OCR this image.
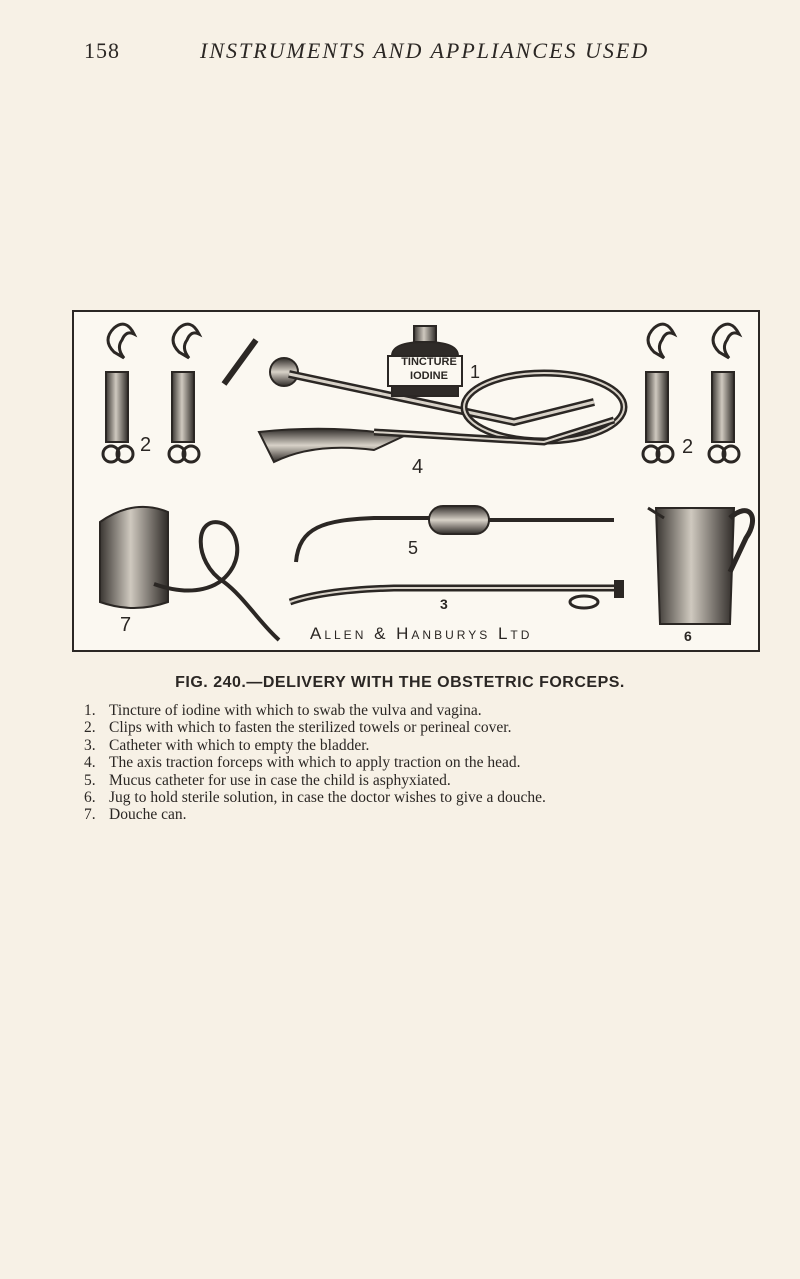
158	INSTRUMENTS AND APPLIANCES USED
TINCTURE
IODINE	1
2	2
4
5
3
7	6
Allen & Hanburys Ltd
FIG. 240.—DELIVERY WITH THE OBSTETRIC FORCEPS.
1. Tincture of iodine with which to swab the vulva and vagina.
2. Clips with which to fasten the sterilized towels or perineal cover.
3. Catheter with which to empty the bladder.
4. The axis traction forceps with which to apply traction on the head.
5. Mucus catheter for use in case the child is asphyxiated.
6. Jug to hold sterile solution, in case the doctor wishes to give a douche.
7. Douche can.
